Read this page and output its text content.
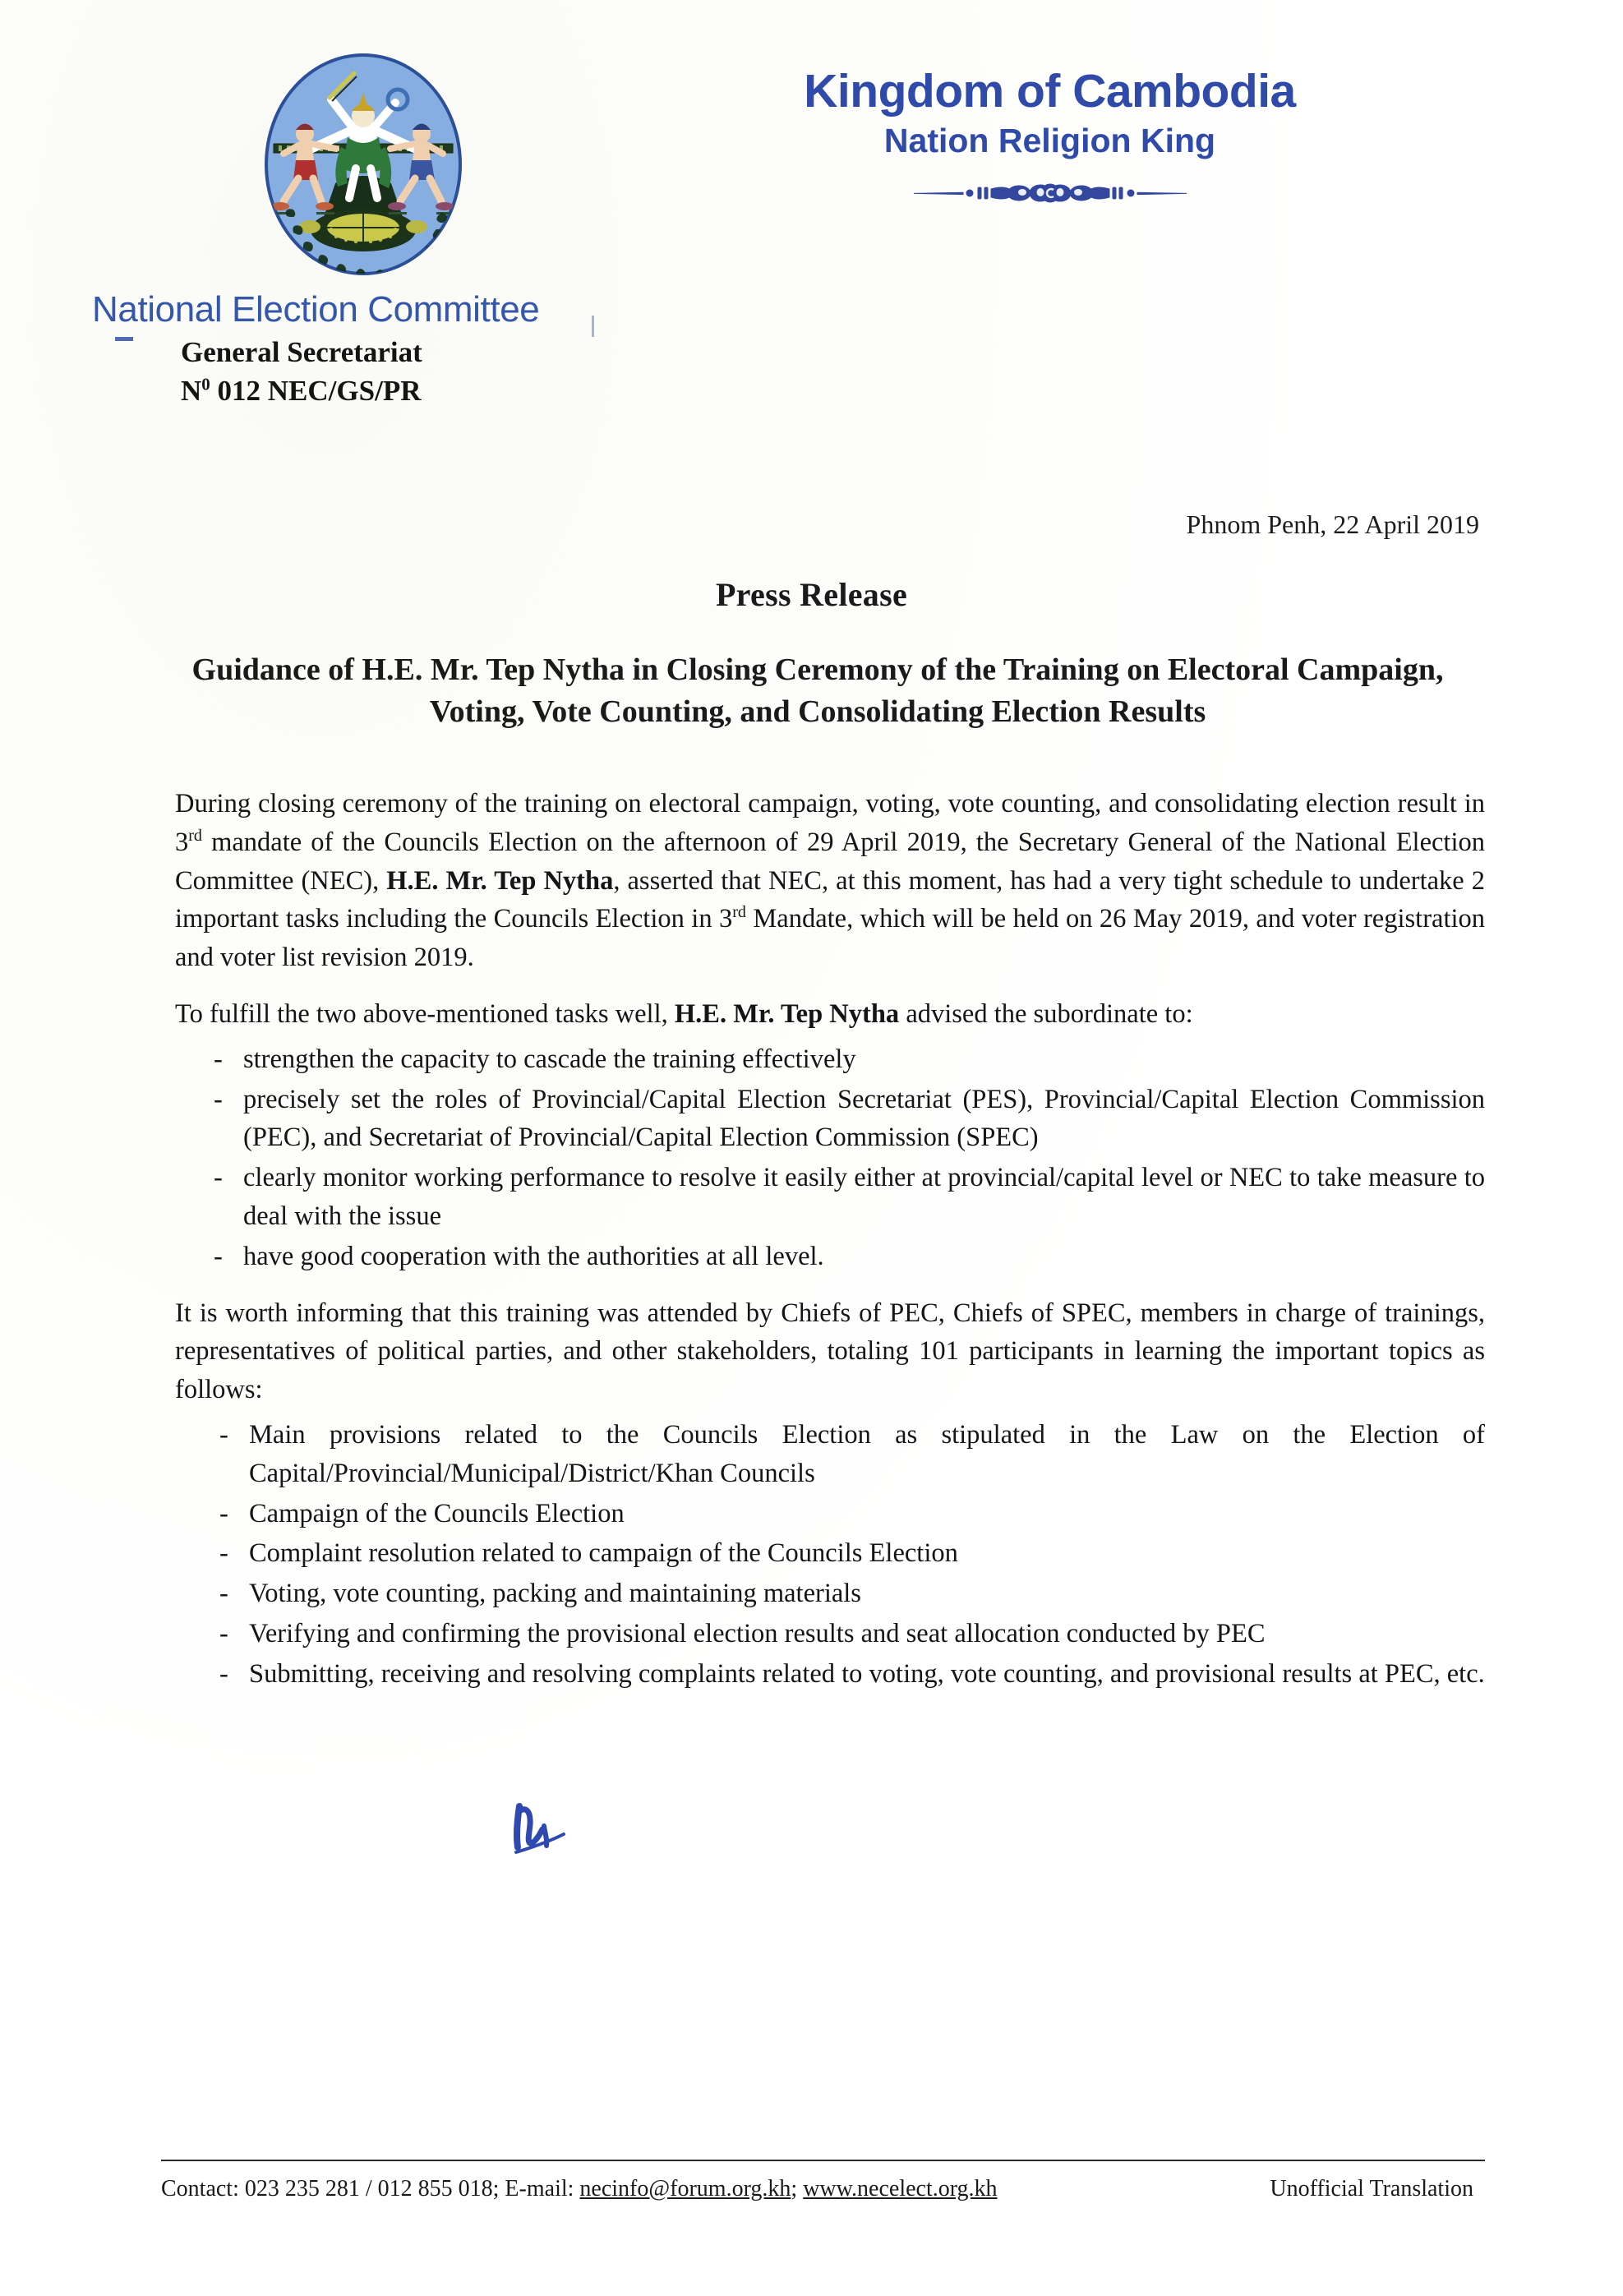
Kingdom of Cambodia
Nation Religion King
National Election Committee
General Secretariat
$N^0$ 012 NEC/GS/PR
Phnom Penh, 22 April 2019
Press Release
Guidance of H.E. Mr. Tep Nytha in Closing Ceremony of the Training on Electoral Campaign, Voting, Vote Counting, and Consolidating Election Results

During closing ceremony of the training on electoral campaign, voting, vote counting, and consolidating election result in 3rd mandate of the Councils Election on the afternoon of 29 April 2019, the Secretary General of the National Election Committee (NEC), H.E. Mr. Tep Nytha, asserted that NEC, at this moment, has had a very tight schedule to undertake 2 important tasks including the Councils Election in 3rd Mandate, which will be held on 26 May 2019, and voter registration and voter list revision 2019.

To fulfill the two above-mentioned tasks well, H.E. Mr. Tep Nytha advised the subordinate to:

- strengthen the capacity to cascade the training effectively
- precisely set the roles of Provincial/Capital Election Secretariat (PES), Provincial/Capital Election Commission (PEC), and Secretariat of Provincial/Capital Election Commission (SPEC)
- clearly monitor working performance to resolve it easily either at provincial/capital level or NEC to take measure to deal with the issue
- have good cooperation with the authorities at all level.

It is worth informing that this training was attended by Chiefs of PEC, Chiefs of SPEC, members in charge of trainings, representatives of political parties, and other stakeholders, totaling 101 participants in learning the important topics as follows:

- Main provisions related to the Councils Election as stipulated in the Law on the Election of Capital/Provincial/Municipal/District/Khan Councils
- Campaign of the Councils Election
- Complaint resolution related to campaign of the Councils Election
- Voting, vote counting, packing and maintaining materials
- Verifying and confirming the provisional election results and seat allocation conducted by PEC
- Submitting, receiving and resolving complaints related to voting, vote counting, and provisional results at PEC, etc.
Contact: 023 235 281 / 012 855 018; E-mail: necinfo@forum.org.kh; www.necelect.org.kh	Unofficial Translation
